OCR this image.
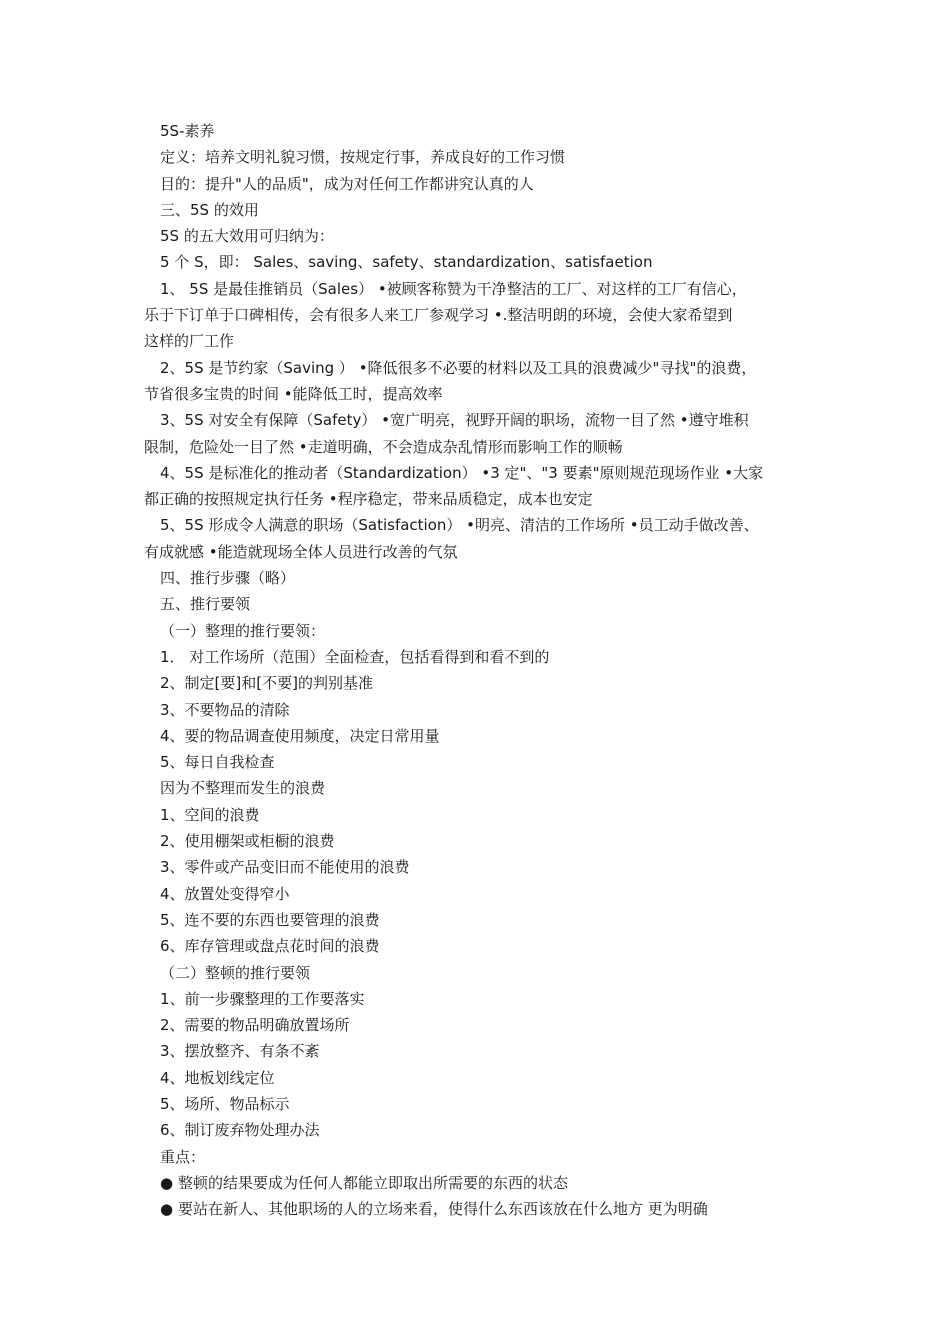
5S-素养
定义：培养文明礼貌习惯，按规定行事，养成良好的工作习惯
目的：提升"人的品质"，成为对任何工作都讲究认真的人
三、5S 的效用
5S 的五大效用可归纳为：
5 个 S，即： Sales、saving、safety、standardization、satisfaetion
1、 5S 是最佳推销员（Sales） •被顾客称赞为干净整洁的工厂、对这样的工厂有信心，
乐于下订单于口碑相传，会有很多人来工厂参观学习 •.整洁明朗的环境，会使大家希望到
这样的厂工作
2、5S 是节约家（Saving ） •降低很多不必要的材料以及工具的浪费减少"寻找"的浪费，
节省很多宝贵的时间 •能降低工时，提高效率
3、5S 对安全有保障（Safety） •宽广明亮，视野开阔的职场，流物一目了然 •遵守堆积
限制，危险处一目了然 •走道明确，不会造成杂乱情形而影响工作的顺畅
4、5S 是标准化的推动者（Standardization） •3 定"、"3 要素"原则规范现场作业 •大家
都正确的按照规定执行任务 •程序稳定，带来品质稳定，成本也安定
5、5S 形成令人满意的职场（Satisfaction） •明亮、清洁的工作场所 •员工动手做改善、
有成就感 •能造就现场全体人员进行改善的气氛
四、推行步骤（略）
五、推行要领
（一）整理的推行要领：
1． 对工作场所（范围）全面检查，包括看得到和看不到的
2、制定[要]和[不要]的判别基准
3、不要物品的清除
4、要的物品调查使用频度，决定日常用量
5、每日自我检查
因为不整理而发生的浪费
1、空间的浪费
2、使用棚架或柜橱的浪费
3、零件或产品变旧而不能使用的浪费
4、放置处变得窄小
5、连不要的东西也要管理的浪费
6、库存管理或盘点花时间的浪费
（二）整顿的推行要领
1、前一步骤整理的工作要落实
2、需要的物品明确放置场所
3、摆放整齐、有条不紊
4、地板划线定位
5、场所、物品标示
6、制订废弃物处理办法
重点：
● 整顿的结果要成为任何人都能立即取出所需要的东西的状态
● 要站在新人、其他职场的人的立场来看，使得什么东西该放在什么地方 更为明确
